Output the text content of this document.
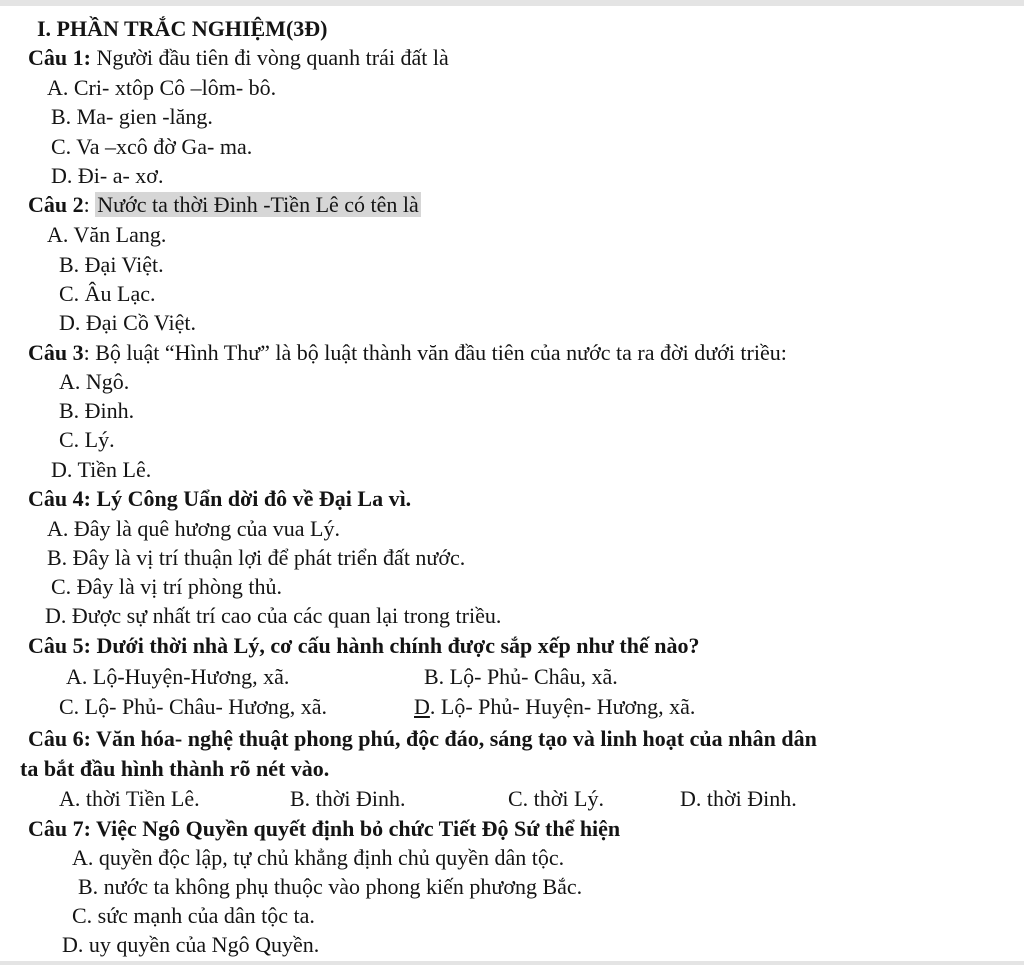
I. PHẦN TRẮC NGHIỆM(3Đ)
Câu 1: Người đầu tiên đi vòng quanh trái đất là
A. Cri- xtôp Cô –lôm- bô.
B. Ma- gien -lăng.
C. Va –xcô đờ Ga- ma.
D. Đi- a- xơ.
Câu 2: Nước ta thời Đinh -Tiền Lê có tên là
A. Văn Lang.
B. Đại Việt.
C. Âu Lạc.
D. Đại Cồ Việt.
Câu 3: Bộ luật “Hình Thư” là bộ luật thành văn đầu tiên của nước ta ra đời dưới triều:
A. Ngô.
B. Đinh.
C. Lý.
D. Tiền Lê.
Câu 4: Lý Công Uẩn dời đô về Đại La vì.
A. Đây là quê hương của vua Lý.
B. Đây là vị trí thuận lợi để phát triển đất nước.
C. Đây là vị trí phòng thủ.
D. Được sự nhất trí cao của các quan lại trong triều.
Câu 5: Dưới thời nhà Lý, cơ cấu hành chính được sắp xếp như thế nào?
A. Lộ-Huyện-Hương, xã.	B. Lộ- Phủ- Châu, xã.
C. Lộ- Phủ- Châu- Hương, xã.	D. Lộ- Phủ- Huyện- Hương, xã.
Câu 6: Văn hóa- nghệ thuật phong phú, độc đáo, sáng tạo và linh hoạt của nhân dân
ta bắt đầu hình thành rõ nét vào.
A. thời Tiền Lê.	B. thời Đinh.	C. thời Lý.	D. thời Đinh.
Câu 7: Việc Ngô Quyền quyết định bỏ chức Tiết Độ Sứ thể hiện
A. quyền độc lập, tự chủ khẳng định chủ quyền dân tộc.
B. nước ta không phụ thuộc vào phong kiến phương Bắc.
C. sức mạnh của dân tộc ta.
D. uy quyền của Ngô Quyền.
